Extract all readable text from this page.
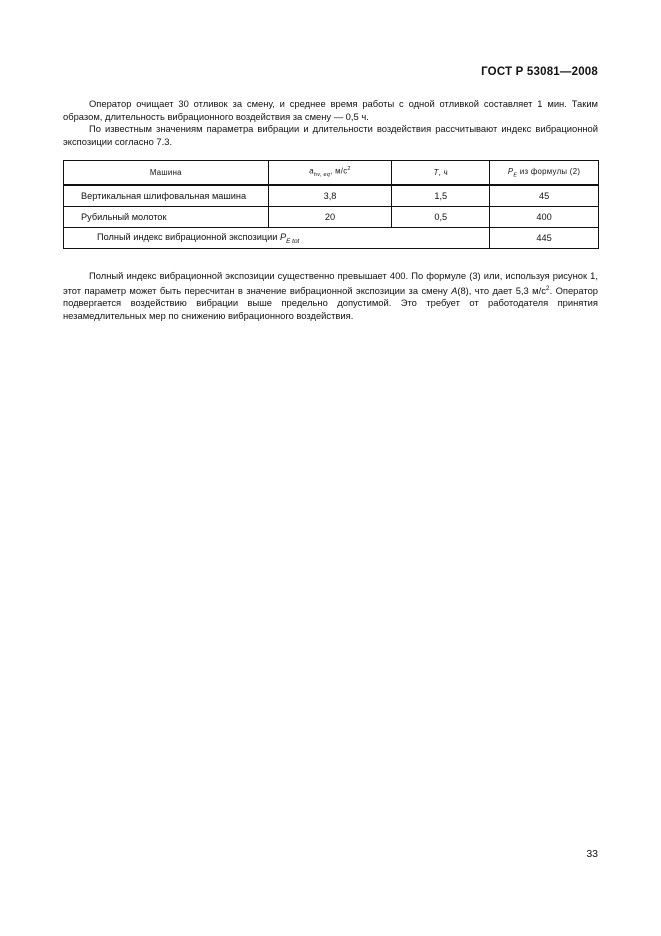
ГОСТ Р 53081—2008

Оператор очищает 30 отливок за смену, и среднее время работы с одной отливкой составляет 1 мин. Таким образом, длительность вибрационного воздействия за смену — 0,5 ч.

По известным значениям параметра вибрации и длительности воздействия рассчитывают индекс вибрационной экспозиции согласно 7.3.

Машина	$a_{hv, eq}$, $м/с^2$	T, ч	$P_E$ из формулы (2)
Вертикальная шлифовальная машина	3,8	1,5	45
Рубильный молоток	20	0,5	400
Полный индекс вибрационной экспозиции $P_{E tot}$			445

Полный индекс вибрационной экспозиции существенно превышает 400. По формуле (3) или, используя рисунок 1, этот параметр может быть пересчитан в значение вибрационной экспозиции за смену A(8), что дает 5,3 $м/с^2$. Оператор подвергается воздействию вибрации выше предельно допустимой. Это требует от работодателя принятия незамедлительных мер по снижению вибрационного воздействия.

33
